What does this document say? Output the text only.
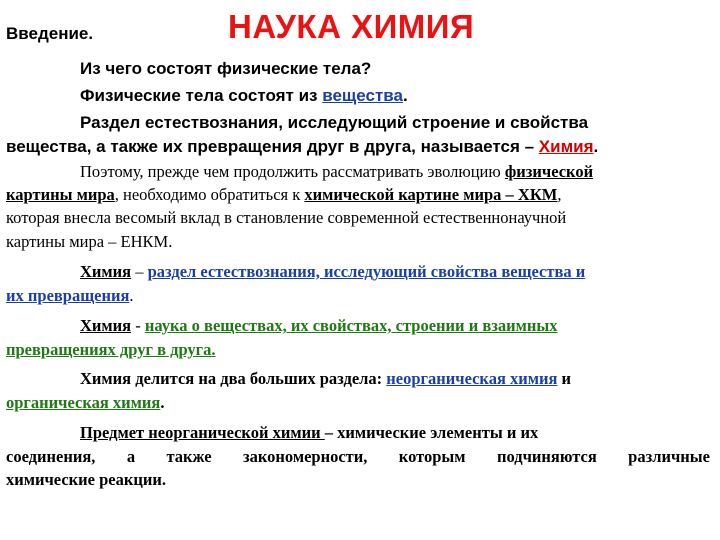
Введение.	НАУКА ХИМИЯ
Из чего состоят физические тела?
Физические тела состоят из вещества.
Раздел естествознания, исследующий строение и свойства
вещества, а также их превращения друг в друга, называется – Химия.
Поэтому, прежде чем продолжить рассматривать эволюцию физической
картины мира, необходимо обратиться к химической картине мира – ХКМ,
которая внесла весомый вклад в становление современной естественнонаучной
картины мира – ЕНКМ.
Химия – раздел естествознания, исследующий свойства вещества и
их превращения.
Химия - наука о веществах, их свойствах, строении и взаимных
превращениях друг в друга.
Химия делится на два больших раздела: неорганическая химия и
органическая химия.
Предмет неорганической химии – химические элементы и их
соединения, а также закономерности, которым подчиняются различные
химические реакции.
